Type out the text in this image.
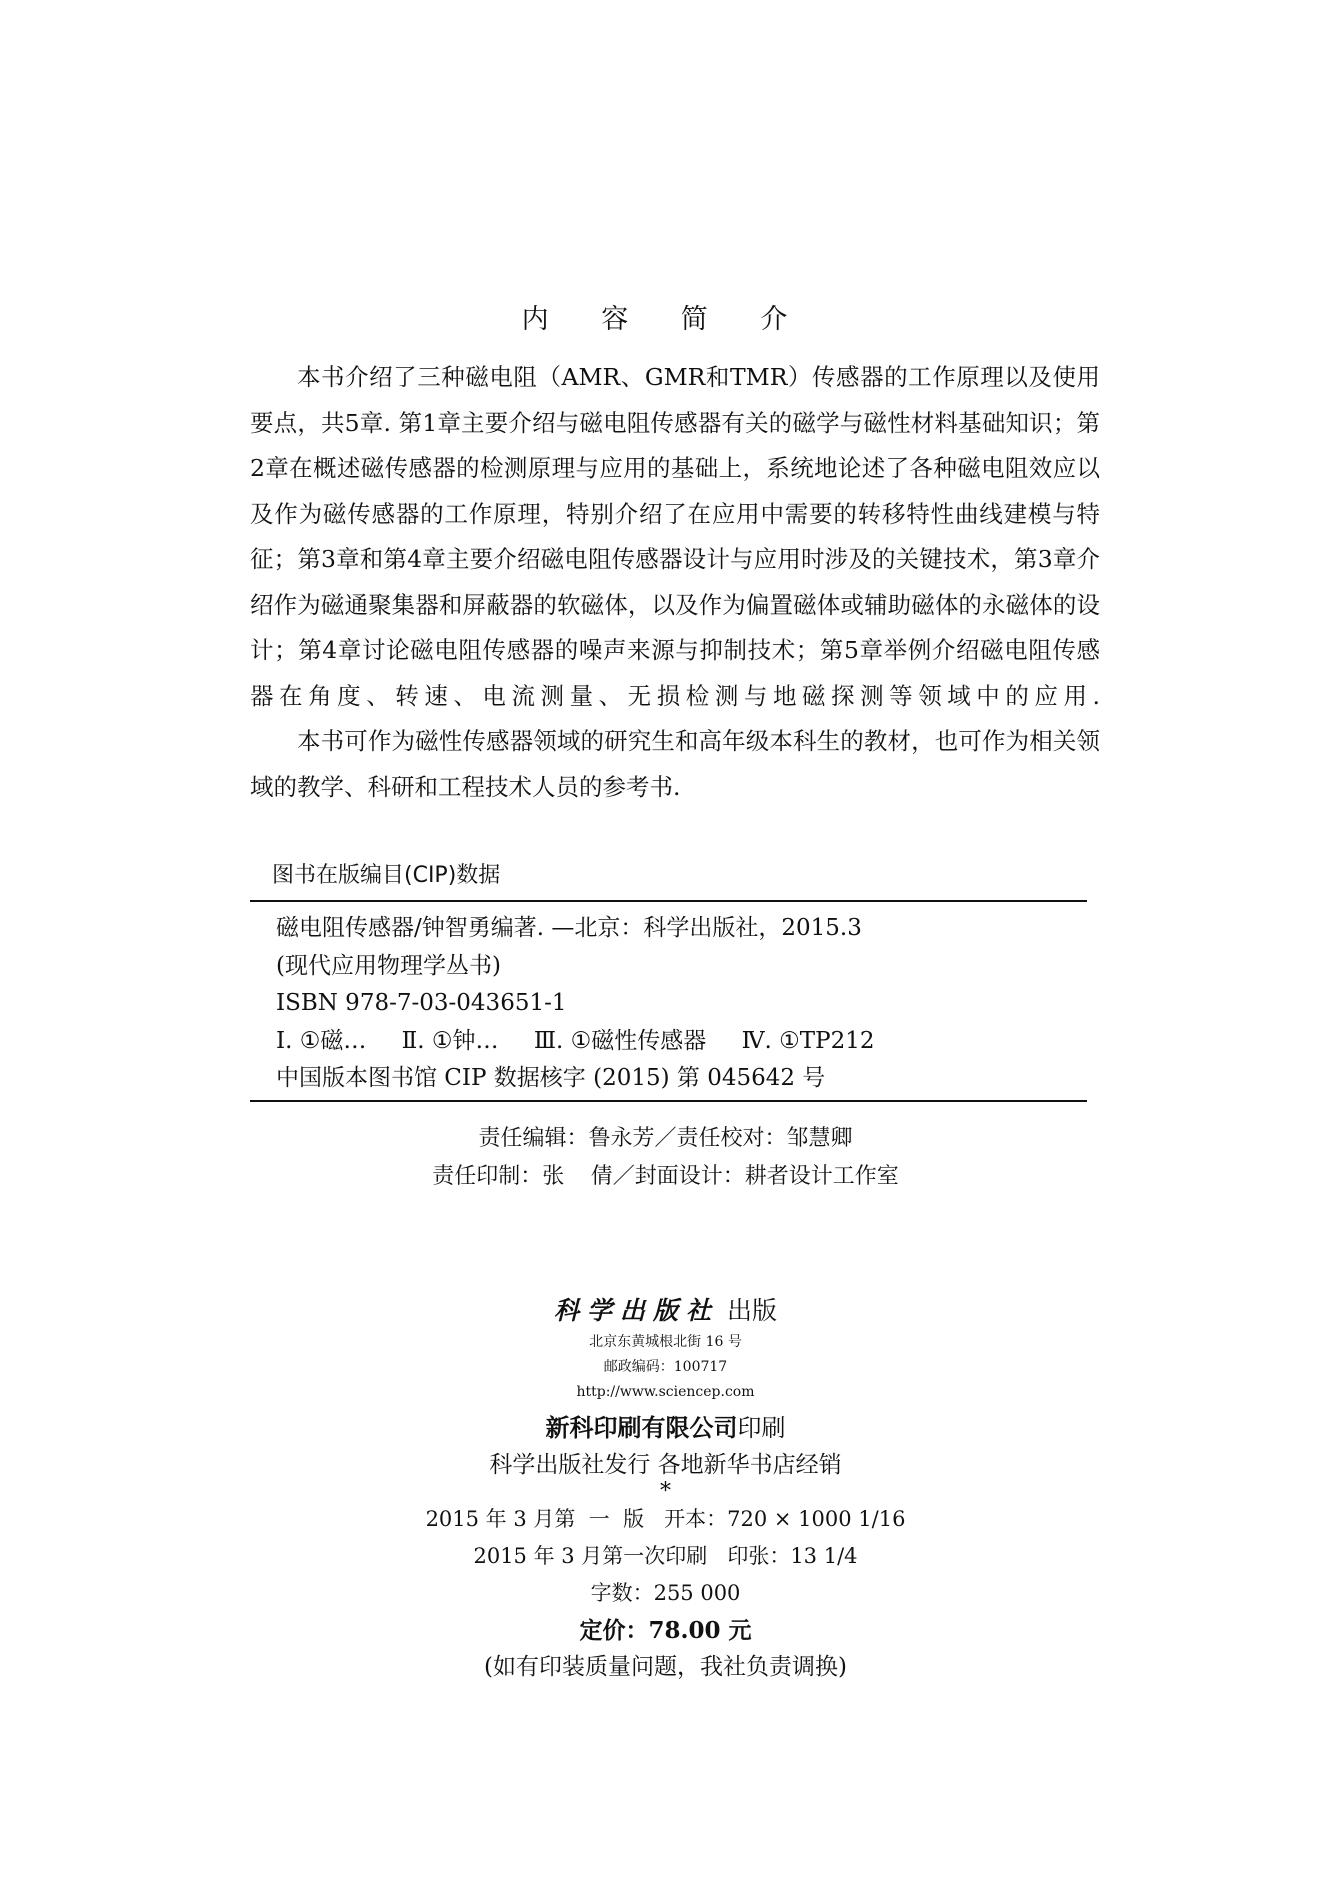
内 容 简 介

本书介绍了三种磁电阻（AMR、GMR和TMR）传感器的工作原理以及使用要点，共5章. 第1章主要介绍与磁电阻传感器有关的磁学与磁性材料基础知识；第2章在概述磁传感器的检测原理与应用的基础上，系统地论述了各种磁电阻效应以及作为磁传感器的工作原理，特别介绍了在应用中需要的转移特性曲线建模与特征；第3章和第4章主要介绍磁电阻传感器设计与应用时涉及的关键技术，第3章介绍作为磁通聚集器和屏蔽器的软磁体，以及作为偏置磁体或辅助磁体的永磁体的设计；第4章讨论磁电阻传感器的噪声来源与抑制技术；第5章举例介绍磁电阻传感器在角度、转速、电流测量、无损检测与地磁探测等领域中的应用.

本书可作为磁性传感器领域的研究生和高年级本科生的教材，也可作为相关领域的教学、科研和工程技术人员的参考书.

图书在版编目(CIP)数据
磁电阻传感器/钟智勇编著. —北京：科学出版社，2015.3
(现代应用物理学丛书)
ISBN 978-7-03-043651-1
Ⅰ. ①磁… Ⅱ. ①钟… Ⅲ. ①磁性传感器 Ⅳ. ①TP212
中国版本图书馆 CIP 数据核字 (2015) 第 045642 号
责任编辑：鲁永芳／责任校对：邹慧卿
责任印制：张  倩／封面设计：耕者设计工作室
科学出版社 出版
北京东黄城根北街 16 号
邮政编码：100717
http://www.sciencep.com
新科印刷有限公司印刷
科学出版社发行 各地新华书店经销
*
2015 年 3 月第  一  版   开本：720 × 1000 1/16
2015 年 3 月第一次印刷   印张：13 1/4
字数：255 000
定价：78.00 元
(如有印装质量问题，我社负责调换)
